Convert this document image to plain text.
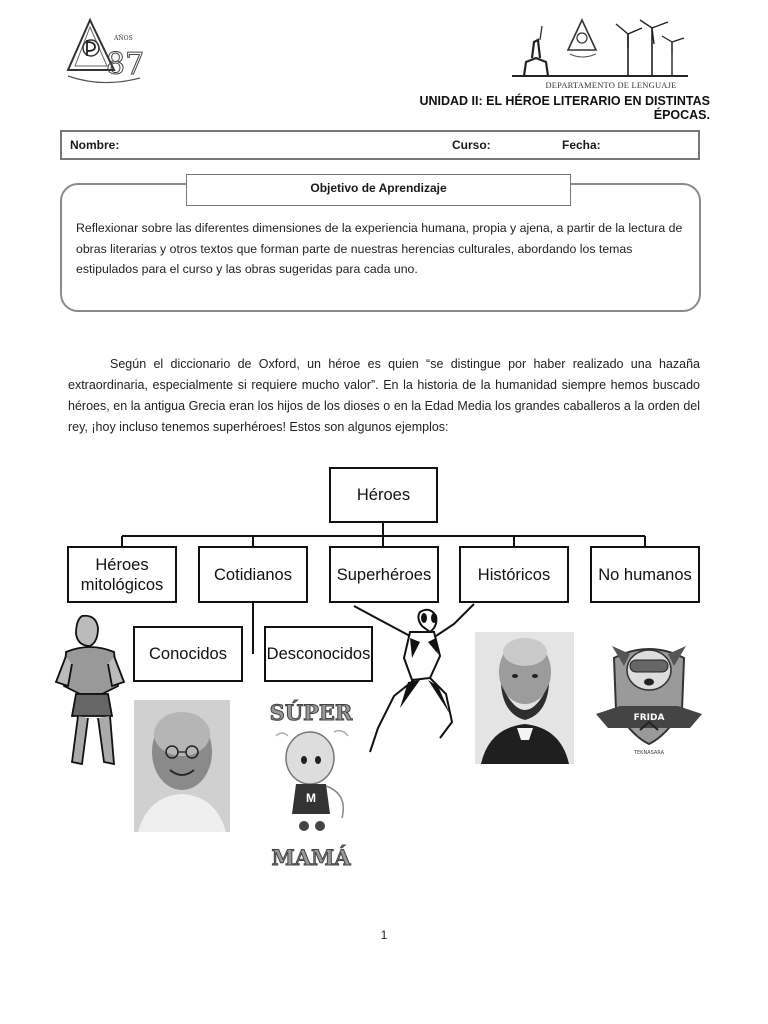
AÑOS
87
DEPARTAMENTO DE LENGUAJE
UNIDAD II: EL HÉROE LITERARIO EN DISTINTAS ÉPOCAS.
Nombre:	Curso:	Fecha:
Objetivo de Aprendizaje
Reflexionar sobre las diferentes dimensiones de la experiencia humana, propia y ajena, a partir de la lectura de obras literarias y otros textos que forman parte de nuestras herencias culturales, abordando los temas estipulados para el curso y las obras sugeridas para cada uno.
Según el diccionario de Oxford, un héroe es quien “se distingue por haber realizado una hazaña extraordinaria, especialmente si requiere mucho valor”. En la historia de la humanidad siempre hemos buscado héroes, en la antigua Grecia eran los hijos de los dioses o en la Edad Media los grandes caballeros a la orden del rey, ¡hoy incluso tenemos superhéroes! Estos son algunos ejemplos:
Héroes
Héroes mitológicos
Cotidianos	Superhéroes	Históricos	No humanos
Conocidos	Desconocidos
SÚPER
M
MAMÁ
FRIDA
TEKNASARA
1
